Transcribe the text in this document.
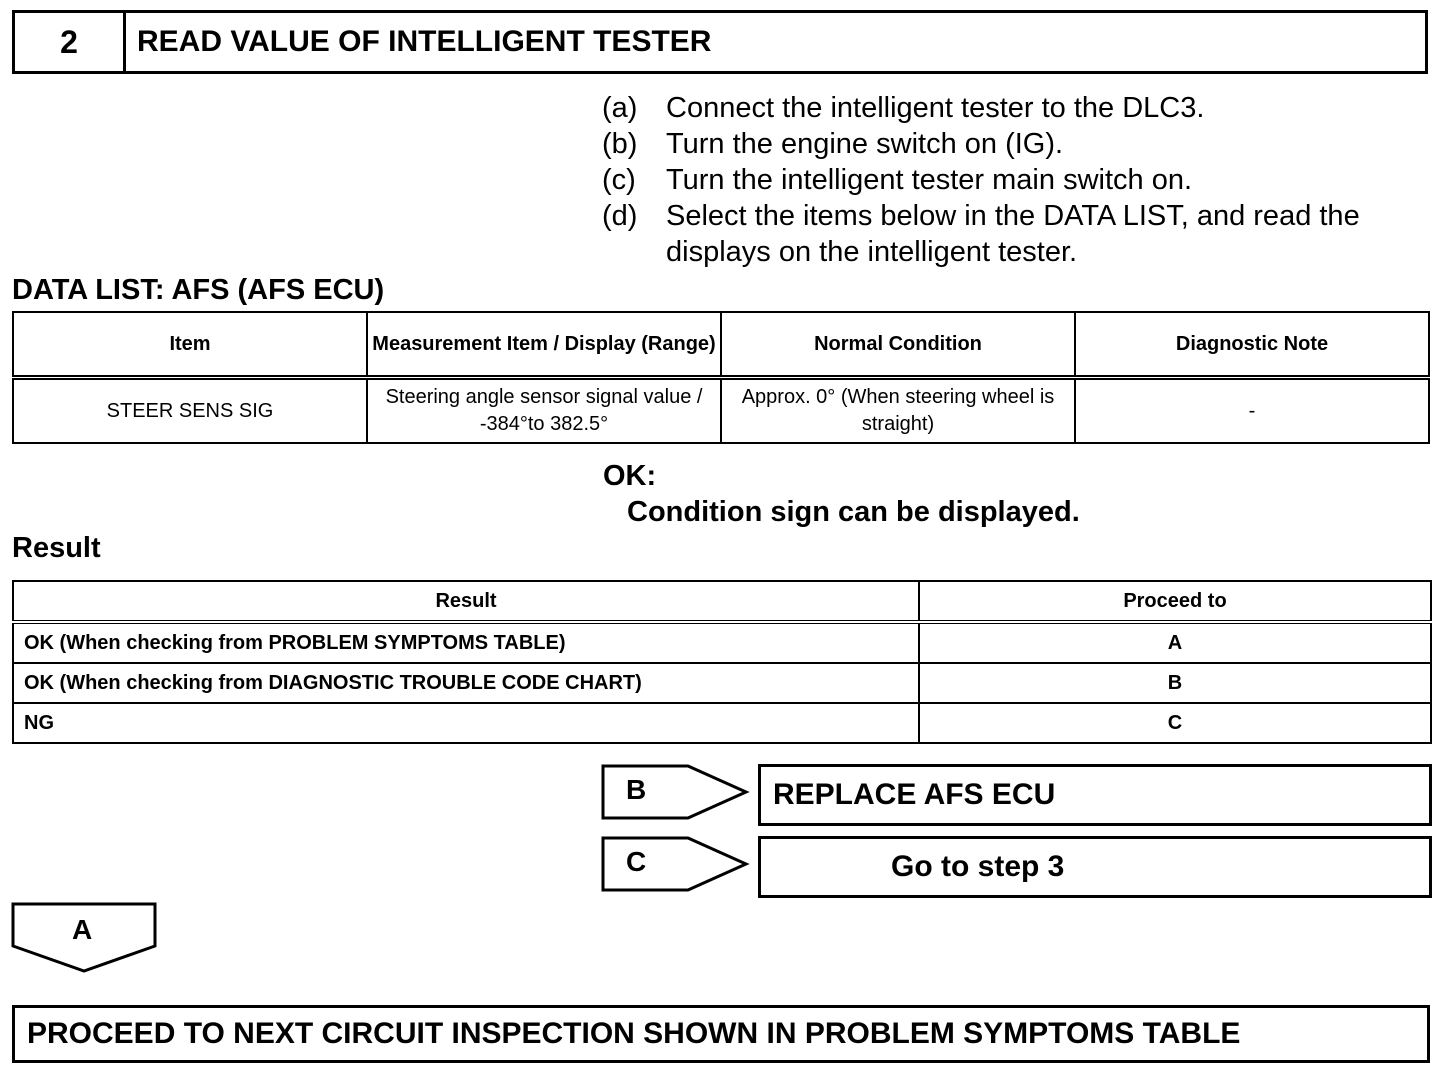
2	READ VALUE OF INTELLIGENT TESTER
(a) Connect the intelligent tester to the DLC3.
(b) Turn the engine switch on (IG).
(c)	Turn the intelligent tester main switch on.
(d) Select the items below in the DATA LIST, and read the displays on the intelligent tester.
DATA LIST: AFS (AFS ECU)
Item	Measurement Item / Display (Range)	Normal Condition	Diagnostic Note
STEER SENS SIG	Steering angle sensor signal value / -384°to 382.5°	Approx. 0° (When steering wheel is straight)	-
OK:
Condition sign can be displayed.
Result
Result	Proceed to
OK (When checking from PROBLEM SYMPTOMS TABLE)	A
OK (When checking from DIAGNOSTIC TROUBLE CODE CHART)	B
NG	C
B	REPLACE AFS ECU
C	Go to step 3
A
PROCEED TO NEXT CIRCUIT INSPECTION SHOWN IN PROBLEM SYMPTOMS TABLE
